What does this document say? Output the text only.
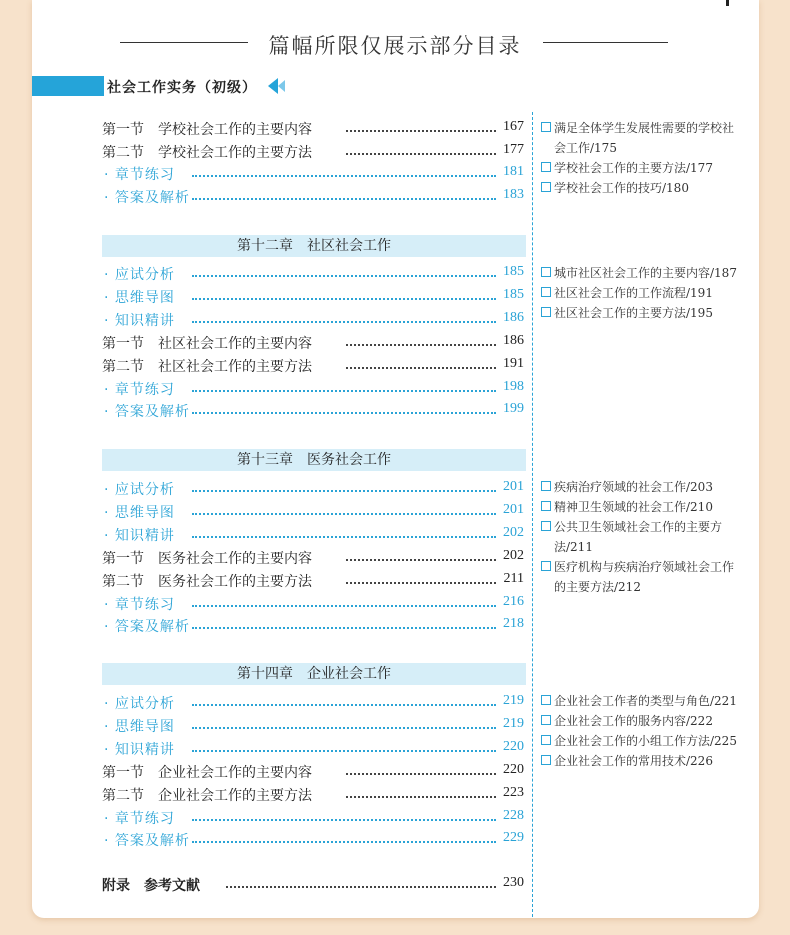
篇幅所限仅展示部分目录
社会工作实务（初级）
第一节　学校社会工作的主要内容	167
第二节　学校社会工作的主要方法	177
· 章节练习	181
· 答案及解析	183
第十二章　社区社会工作
· 应试分析	185
· 思维导图	185
· 知识精讲	186
第一节　社区社会工作的主要内容	186
第二节　社区社会工作的主要方法	191
· 章节练习	198
· 答案及解析	199
第十三章　医务社会工作
· 应试分析	201
· 思维导图	201
· 知识精讲	202
第一节　医务社会工作的主要内容	202
第二节　医务社会工作的主要方法	211
· 章节练习	216
· 答案及解析	218
第十四章　企业社会工作
· 应试分析	219
· 思维导图	219
· 知识精讲	220
第一节　企业社会工作的主要内容	220
第二节　企业社会工作的主要方法	223
· 章节练习	228
· 答案及解析	229
附录　参考文献	230
满足全体学生发展性需要的学校社会工作/175
学校社会工作的主要方法/177
学校社会工作的技巧/180
城市社区社会工作的主要内容/187
社区社会工作的工作流程/191
社区社会工作的主要方法/195
疾病治疗领域的社会工作/203
精神卫生领域的社会工作/210
公共卫生领域社会工作的主要方法/211
医疗机构与疾病治疗领域社会工作的主要方法/212
企业社会工作者的类型与角色/221
企业社会工作的服务内容/222
企业社会工作的小组工作方法/225
企业社会工作的常用技术/226
